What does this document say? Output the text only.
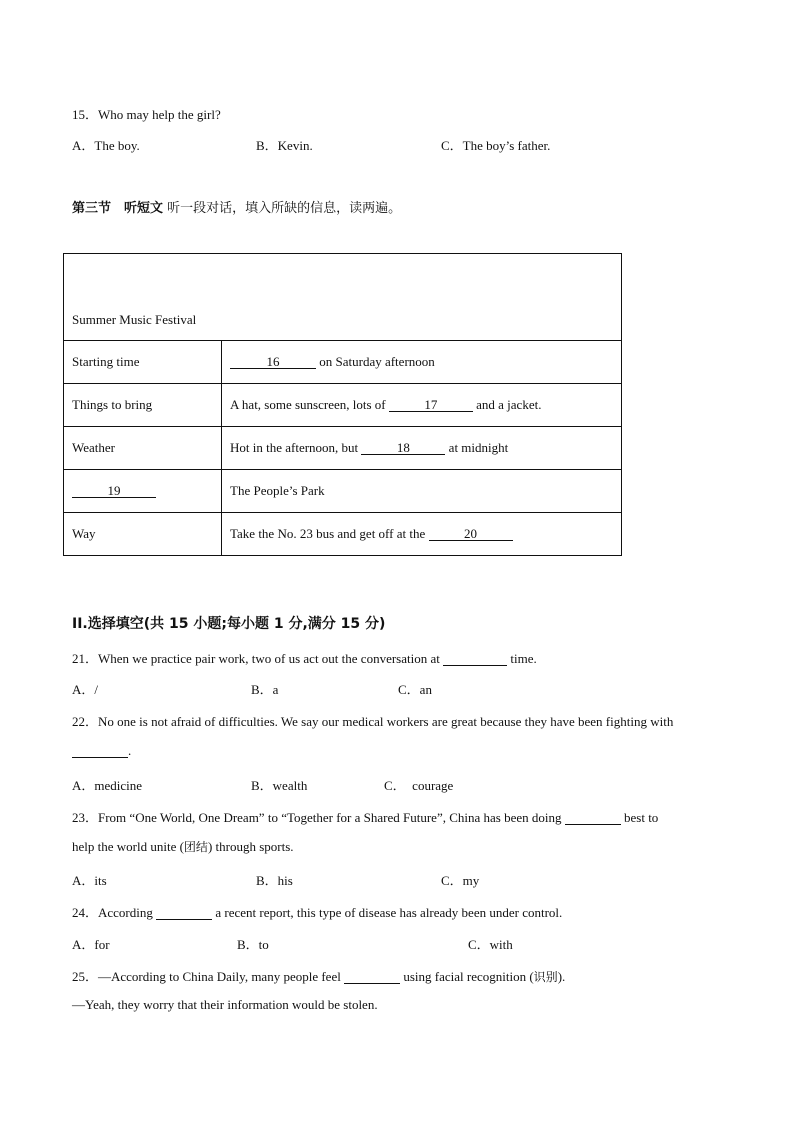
15．Who may help the girl?
A．The boy.	B．Kevin.	C．The boy’s father.
第三节　听短文 听一段对话，填入所缺的信息，读两遍。
Summer Music Festival	
Starting time	16 on Saturday afternoon
Things to bring	A hat, some sunscreen, lots of 17 and a jacket.
Weather	Hot in the afternoon, but 18 at midnight
19	The People’s Park
Way	Take the No. 23 bus and get off at the 20
II.选择填空(共 15 小题;每小题 1 分,满分 15 分)
21．When we practice pair work, two of us act out the conversation at	time.
A．/	B．a	C．an
22．No one is not afraid of difficulties. We say our medical workers are great because they have been fighting with
.
A．medicine	B．wealth	C．　courage
23．From “One World, One Dream” to “Together for a Shared Future”, China has been doing	best to
help the world unite (团结) through sports.
A．its	B．his	C．my
24．According	a recent report, this type of disease has already been under control.
A．for	B．to	C．with
25．—According to China Daily, many people feel	using facial recognition (识别).
—Yeah, they worry that their information would be stolen.
